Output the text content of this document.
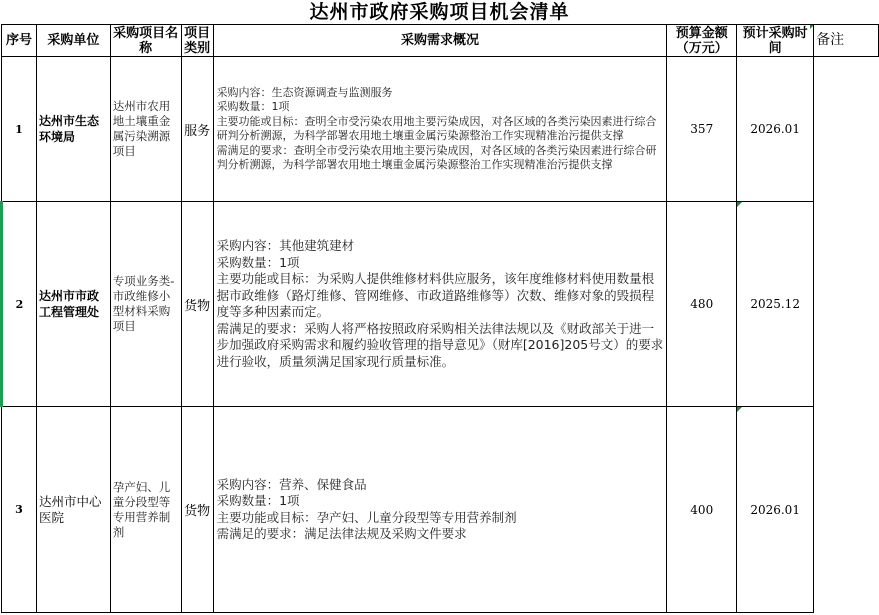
达州市政府采购项目机会清单
序号	采购单位	采购项目名称	项目类别	采购需求概况	预算金额（万元）	预计采购时间	备注
1	达州市生态环境局	达州市农用地土壤重金属污染溯源项目	服务	采购内容：生态资源调查与监测服务
采购数量：1项
主要功能或目标：查明全市受污染农用地主要污染成因，对各区域的各类污染因素进行综合研判分析溯源，为科学部署农用地土壤重金属污染源整治工作实现精准治污提供支撑
需满足的要求：查明全市受污染农用地主要污染成因，对各区域的各类污染因素进行综合研判分析溯源，为科学部署农用地土壤重金属污染源整治工作实现精准治污提供支撑	357	2026.01	
2	达州市市政工程管理处	专项业务类-市政维修小型材料采购项目	货物	采购内容：其他建筑建材
采购数量：1项
主要功能或目标：为采购人提供维修材料供应服务，该年度维修材料使用数量根据市政维修（路灯维修、管网维修、市政道路维修等）次数、维修对象的毁损程度等多种因素而定。
需满足的要求：采购人将严格按照政府采购相关法律法规以及《财政部关于进一步加强政府采购需求和履约验收管理的指导意见》（财库[2016]205号文）的要求进行验收，质量须满足国家现行质量标准。	480	2025.12	
3	达州市中心医院	孕产妇、儿童分段型等专用营养制剂	货物	采购内容：营养、保健食品
采购数量：1项
主要功能或目标：孕产妇、儿童分段型等专用营养制剂
需满足的要求：满足法律法规及采购文件要求	400	2026.01	
